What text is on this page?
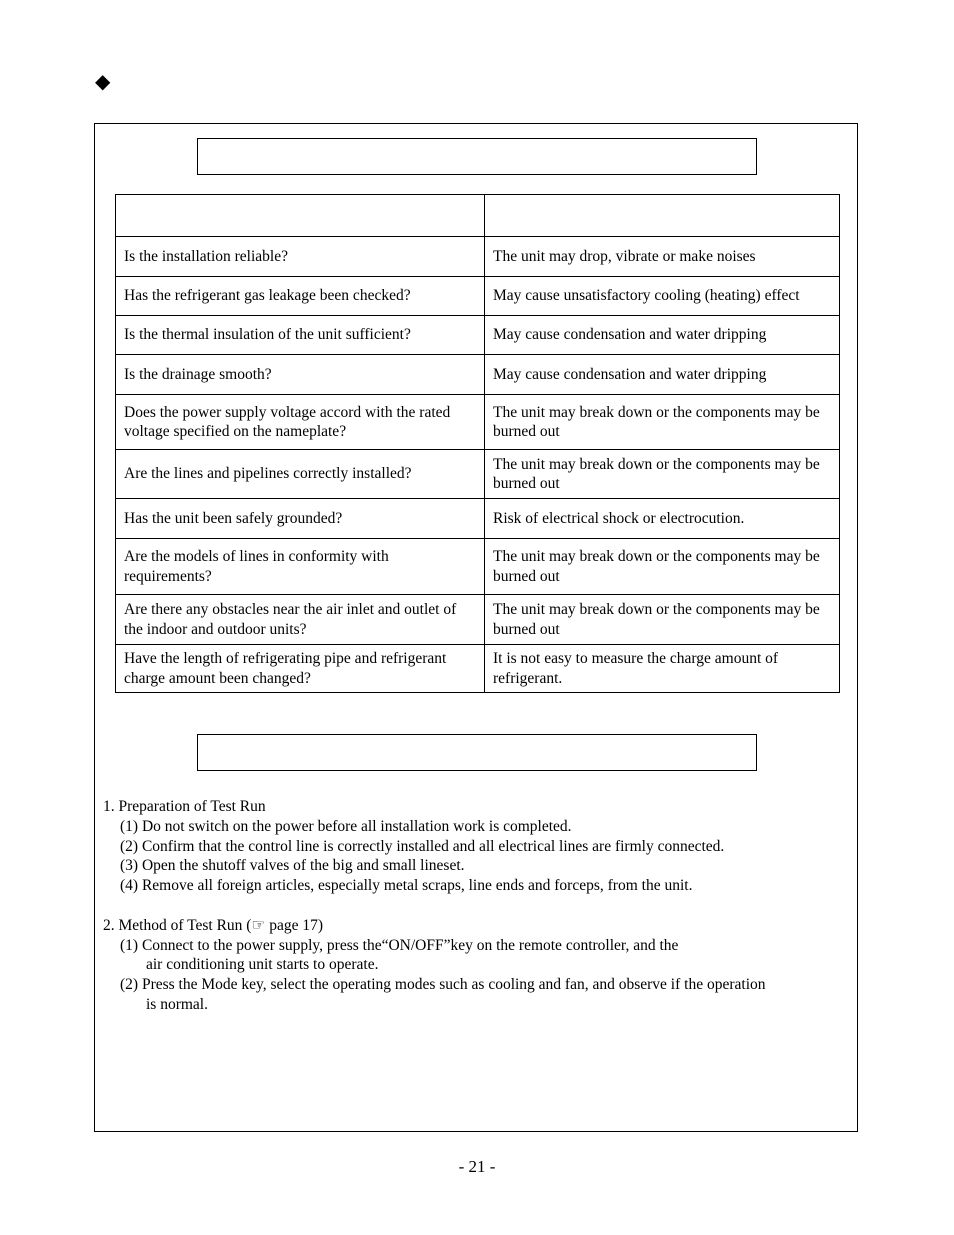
◆

Is the installation reliable?	The unit may drop, vibrate or make noises
Has the refrigerant gas leakage been checked?	May cause unsatisfactory cooling (heating) effect
Is the thermal insulation of the unit sufficient?	May cause condensation and water dripping
Is the drainage smooth?	May cause condensation and water dripping
Does the power supply voltage accord with the rated voltage specified on the nameplate?	The unit may break down or the components may be burned out
Are the lines and pipelines correctly installed?	The unit may break down or the components may be burned out
Has the unit been safely grounded?	Risk of electrical shock or electrocution.
Are the models of lines in conformity with requirements?	The unit may break down or the components may be burned out
Are there any obstacles near the air inlet and outlet of the indoor and outdoor units?	The unit may break down or the components may be burned out
Have the length of refrigerating pipe and refrigerant charge amount been changed?	It is not easy to measure the charge amount of refrigerant.
1. Preparation of Test Run
(1) Do not switch on the power before all installation work is completed.
(2) Confirm that the control line is correctly installed and all electrical lines are firmly connected.
(3) Open the shutoff valves of the big and small lineset.
(4) Remove all foreign articles, especially metal scraps, line ends and forceps, from the unit.
2. Method of Test Run (☞ page 17)
(1) Connect to the power supply, press the“ON/OFF”key on the remote controller, and the
air conditioning unit starts to operate.
(2) Press the Mode key, select the operating modes such as cooling and fan, and observe if the operation
is normal.
- 21 -
